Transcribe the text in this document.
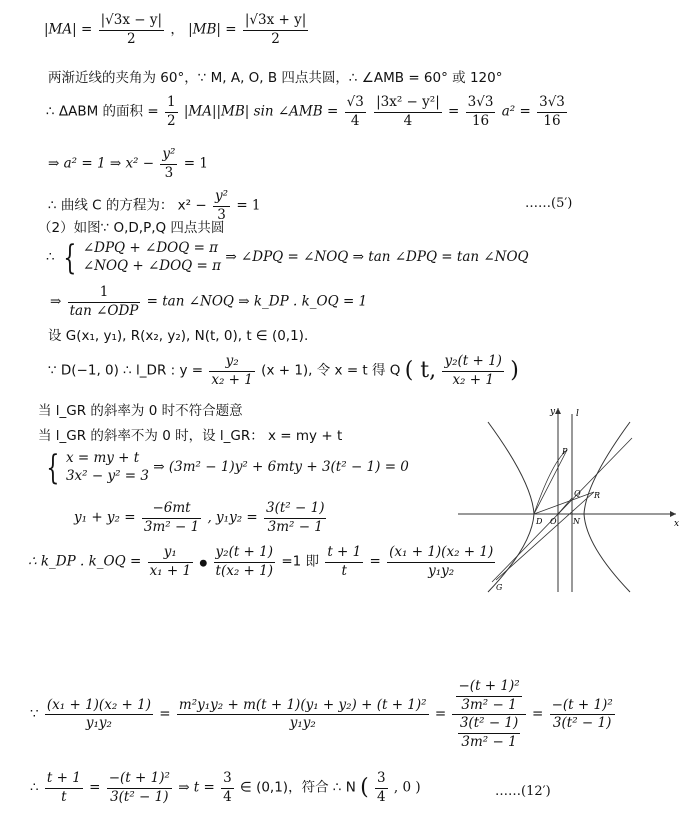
$|MA| = \frac{|√3x - y|}{2}$ ， $|MB| = \frac{|√3x + y|}{2}$
两渐近线的夹角为 60°，∵ M, A, O, B 四点共圆，∴ ∠AMB = 60° 或 120°
∴ ΔABM 的面积 = $\frac{1}{2} |MA||MB|$ sin ∠AMB = $\frac{√3}{4}$
$\frac{\text{|3x² − y²|}}{4} = \frac{3√3}{16} a^2 = \frac{3√3}{16}$
⇒ a² = 1 ⇒ $x^2 - \frac{\text{y²}}{3} = 1$
∴ 曲线 C 的方程为： $x^2 - \frac{\text{y²}}{3} = 1$	……(5′)
（2）如图∵ O,D,P,Q 四点共圆
∴ { ∠DPQ + ∠DOQ = π
∠NOQ + ∠DOQ = π
⇒ ∠DPQ = ∠NOQ ⇒ tan ∠DPQ = tan ∠NOQ
⇒ $\frac{1}{\text{tan ∠ODP}} = \tan$ ∠NOQ ⇒ k_DP . k_OQ = 1
设 G(x₁, y₁), R(x₂, y₂), N(t, 0), t ∈ (0,1).
∵ D(−1, 0) ∴ l_DR : $y = \frac{\text{y₂}}{\text{x₂ + 1}} (x + 1)$, 令 x = t 得 Q ( t, $\frac{\text{y₂(t + 1)}}{\text{x₂ + 1}}$ )
当 l_GR 的斜率为 0 时不符合题意
当 l_GR 的斜率不为 0 时，设 l_GR： x = my + t
{ x = my + t
3x² − y² = 3
⇒ (3m² − 1)y² + 6mty + 3(t² − 1) = 0
$y_1 + y_2 = \frac{-6mt}{\text{3m² − 1}}$ , $y_1y_2 = \frac{\text{3(t² − 1)}}{\text{3m² − 1}}$
∴ k_DP . k_OQ = $\frac{\text{y₁}}{\text{x₁ + 1}}$ ● $\frac{\text{y₂(t + 1)}}{\text{t(x₂ + 1)}} =1$ 即 $\frac{t + 1}{t} = \frac{\text{(x₁ + 1)(x₂ + 1)}}{\text{y₁y₂}}$
y l
P
Q R
D O N
G
x
∵ $\frac{\text{(x₁ + 1)(x₂ + 1)}}{\text{y₁y₂}} = \frac{\text{m²y₁y₂ + m(t + 1)(y₁ + y₂) + (t + 1)²}}{\text{y₁y₂}} = \frac{\frac{\text{−(t + 1)²}}{\text{3m² − 1}}}{\frac{\text{3(t² − 1)}}{\text{3m² − 1}}} = \frac{\text{−(t + 1)²}}{\text{3(t² − 1)}}$
∴ $\frac{t + 1}{t} = \frac{\text{−(t + 1)²}}{\text{3(t² − 1)}}$ ⇒ $t = \frac{3}{4}$ ∈ (0,1)，符合 ∴ N ( $\frac{3}{4}$ , 0 )	……(12′)
